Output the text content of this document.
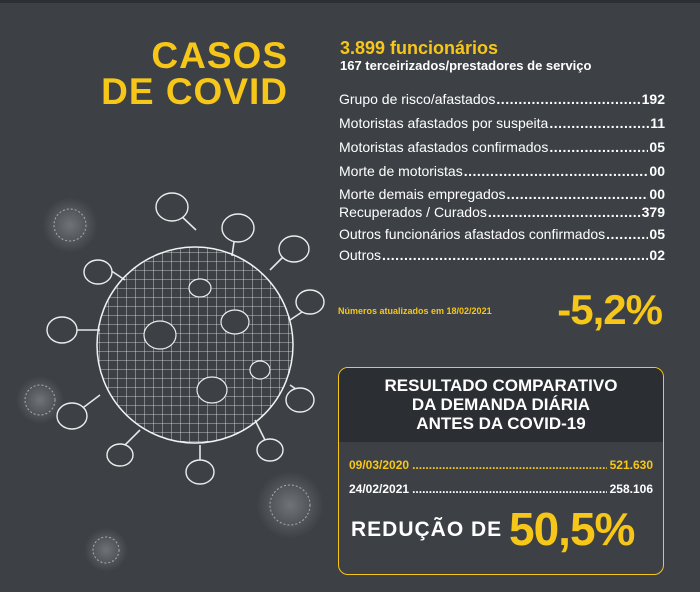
CASOS
DE COVID
3.899 funcionários
167 terceirizados/prestadores de serviço
Grupo de risco/afastados .....	192
Motoristas afastados por suspeita .....	11
Motoristas afastados confirmados .....	05
Morte de motoristas .....	00
Morte demais empregados .....	00
Recuperados / Curados .....	379
Outros funcionários afastados confirmados .....	05
Outros .....	02
Números atualizados em 18/02/2021 -5,2%
RESULTADO COMPARATIVO
DA DEMANDA DIÁRIA
ANTES DA COVID-19
09/03/2020 .....	521.630
24/02/2021 .....	258.106
REDUÇÃO DE 50,5%
